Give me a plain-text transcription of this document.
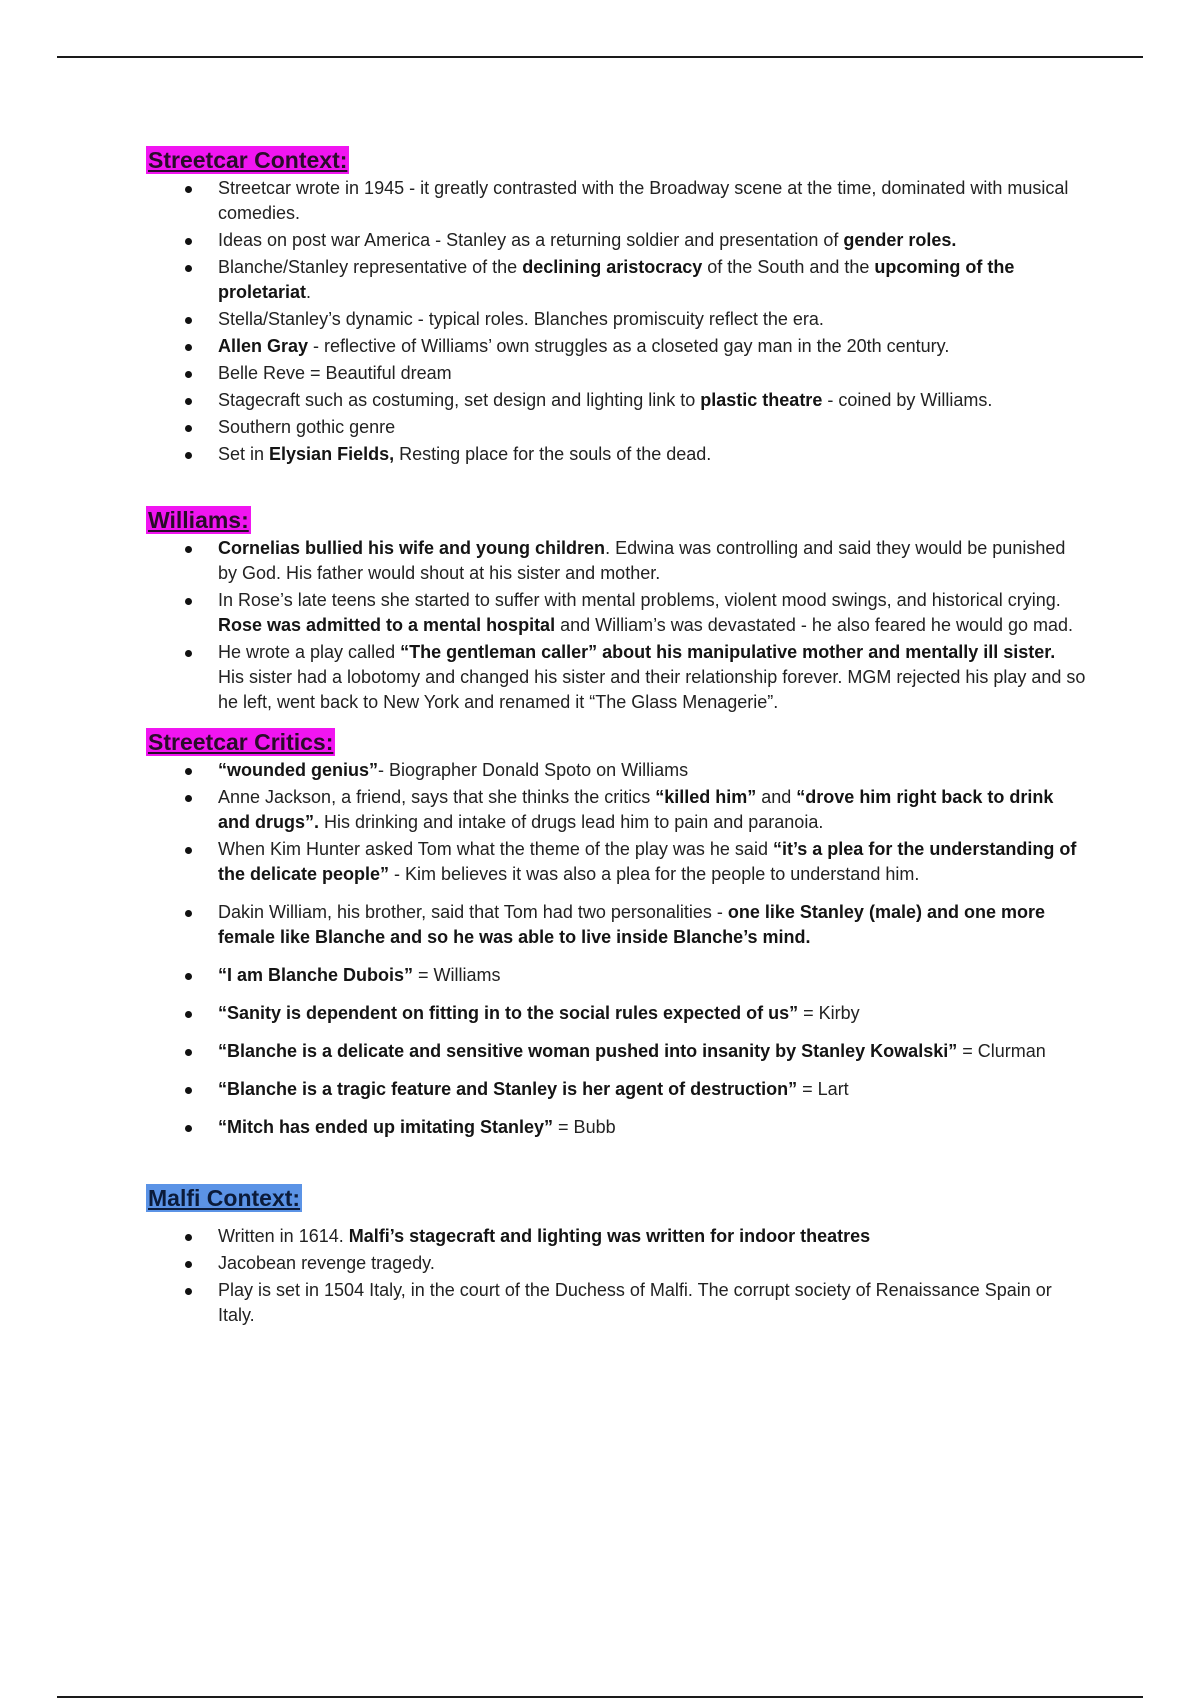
Streetcar Context:
Streetcar wrote in 1945 - it greatly contrasted with the Broadway scene at the time, dominated with musical comedies.
Ideas on post war America - Stanley as a returning soldier and presentation of gender roles.
Blanche/Stanley representative of the declining aristocracy of the South and the upcoming of the proletariat.
Stella/Stanley’s dynamic - typical roles. Blanches promiscuity reflect the era.
Allen Gray - reflective of Williams’ own struggles as a closeted gay man in the 20th century.
Belle Reve = Beautiful dream
Stagecraft such as costuming, set design and lighting link to plastic theatre - coined by Williams.
Southern gothic genre
Set in Elysian Fields, Resting place for the souls of the dead.
Williams:
Cornelias bullied his wife and young children. Edwina was controlling and said they would be punished by God. His father would shout at his sister and mother.
In Rose’s late teens she started to suffer with mental problems, violent mood swings, and historical crying. Rose was admitted to a mental hospital and William’s was devastated - he also feared he would go mad.
He wrote a play called “The gentleman caller” about his manipulative mother and mentally ill sister. His sister had a lobotomy and changed his sister and their relationship forever. MGM rejected his play and so he left, went back to New York and renamed it “The Glass Menagerie”.
Streetcar Critics:
“wounded genius”- Biographer Donald Spoto on Williams
Anne Jackson, a friend, says that she thinks the critics “killed him” and “drove him right back to drink and drugs”. His drinking and intake of drugs lead him to pain and paranoia.
When Kim Hunter asked Tom what the theme of the play was he said “it’s a plea for the understanding of the delicate people” - Kim believes it was also a plea for the people to understand him.
Dakin William, his brother, said that Tom had two personalities - one like Stanley (male) and one more female like Blanche and so he was able to live inside Blanche’s mind.
“I am Blanche Dubois” = Williams
“Sanity is dependent on fitting in to the social rules expected of us” = Kirby
“Blanche is a delicate and sensitive woman pushed into insanity by Stanley Kowalski” = Clurman
“Blanche is a tragic feature and Stanley is her agent of destruction” = Lart
“Mitch has ended up imitating Stanley” = Bubb
Malfi Context:
Written in 1614. Malfi’s stagecraft and lighting was written for indoor theatres
Jacobean revenge tragedy.
Play is set in 1504 Italy, in the court of the Duchess of Malfi. The corrupt society of Renaissance Spain or Italy.
